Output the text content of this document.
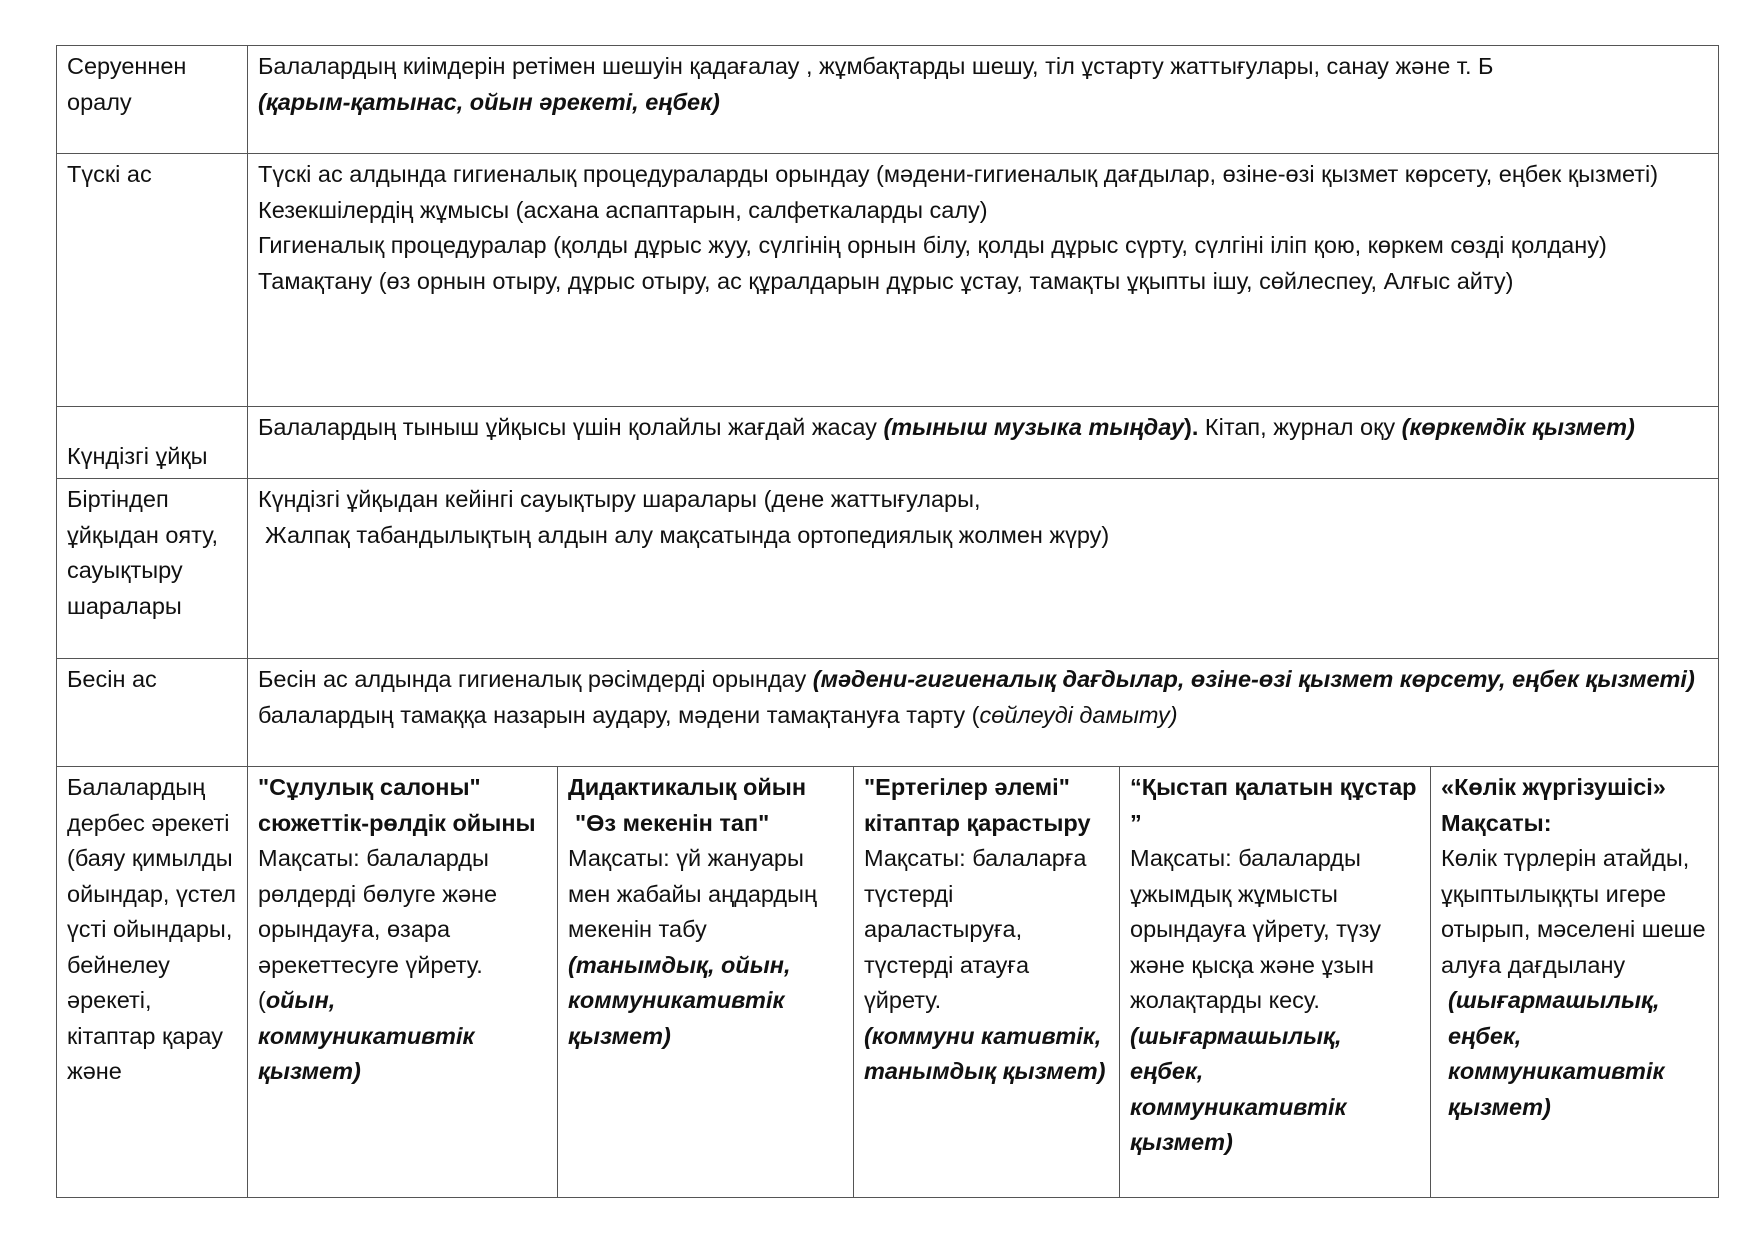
Серуеннен оралу	Балалардың киімдерін ретімен шешуін қадағалау , жұмбақтарды шешу, тіл ұстарту жаттығулары, санау және т. Б
(қарым-қатынас, ойын әрекеті, еңбек)				

Түскі ас	Түскі ас алдында гигиеналық процедураларды орындау (мәдени-гигиеналық дағдылар, өзіне-өзі қызмет көрсету, еңбек қызметі)
Кезекшілердің жұмысы (асхана аспаптарын, салфеткаларды салу)
Гигиеналық процедуралар (қолды дұрыс жуу, сүлгінің орнын білу, қолды дұрыс сүрту, сүлгіні іліп қою, көркем сөзді қолдану)
Тамақтану (өз орнын отыру, дұрыс отыру, ас құралдарын дұрыс ұстау, тамақты ұқыпты ішу, сөйлеспеу, Алғыс айту)				

Күндізгі ұйқы	Балалардың тыныш ұйқысы үшін қолайлы жағдай жасау (тыныш музыка тыңдау). Кітап, журнал оқу (көркемдік қызмет)				
Біртіндеп ұйқыдан ояту, сауықтыру шаралары	Күндізгі ұйқыдан кейінгі сауықтыру шаралары (дене жаттығулары,
Жалпақ табандылықтың алдын алу мақсатында ортопедиялық жолмен жүру)				

Бесін ас	Бесін ас алдында гигиеналық рәсімдерді орындау (мәдени-гигиеналық дағдылар, өзіне-өзі қызмет көрсету, еңбек қызметі) балалардың тамаққа назарын аудару, мәдени тамақтануға тарту (сөйлеуді дамыту)				
Балалардың дербес әрекеті (баяу қимылды ойындар, үстел үсті ойындары, бейнелеу әрекеті, кітаптар қарау және	"Сұлулық салоны" сюжеттік-рөлдік ойыны
Мақсаты: балаларды рөлдерді бөлуге және орындауға, өзара әрекеттесуге үйрету.
(ойын, коммуникативтік қызмет)	Дидактикалық ойын
"Өз мекенін тап"
Мақсаты: үй жануары мен жабайы аңдардың мекенін табу
(танымдық, ойын, коммуникативтік қызмет)	"Ертегілер әлемі" кітаптар қарастыру
Мақсаты: балаларға түстерді араластыруға, түстерді атауға үйрету.
(коммуни кативтік, танымдық қызмет)	“Қыстап қалатын құстар ”
Мақсаты: балаларды ұжымдық жұмысты орындауға үйрету, түзу және қысқа және ұзын жолақтарды кесу.
(шығармашылық, еңбек, коммуникативтік қызмет)	«Көлік жүргізушісі»
Мақсаты:
Көлік түрлерін атайды, ұқыптылыққты игере отырып, мәселені шеше алуға дағдылану
(шығармашылық, еңбек, коммуникативтік қызмет)
